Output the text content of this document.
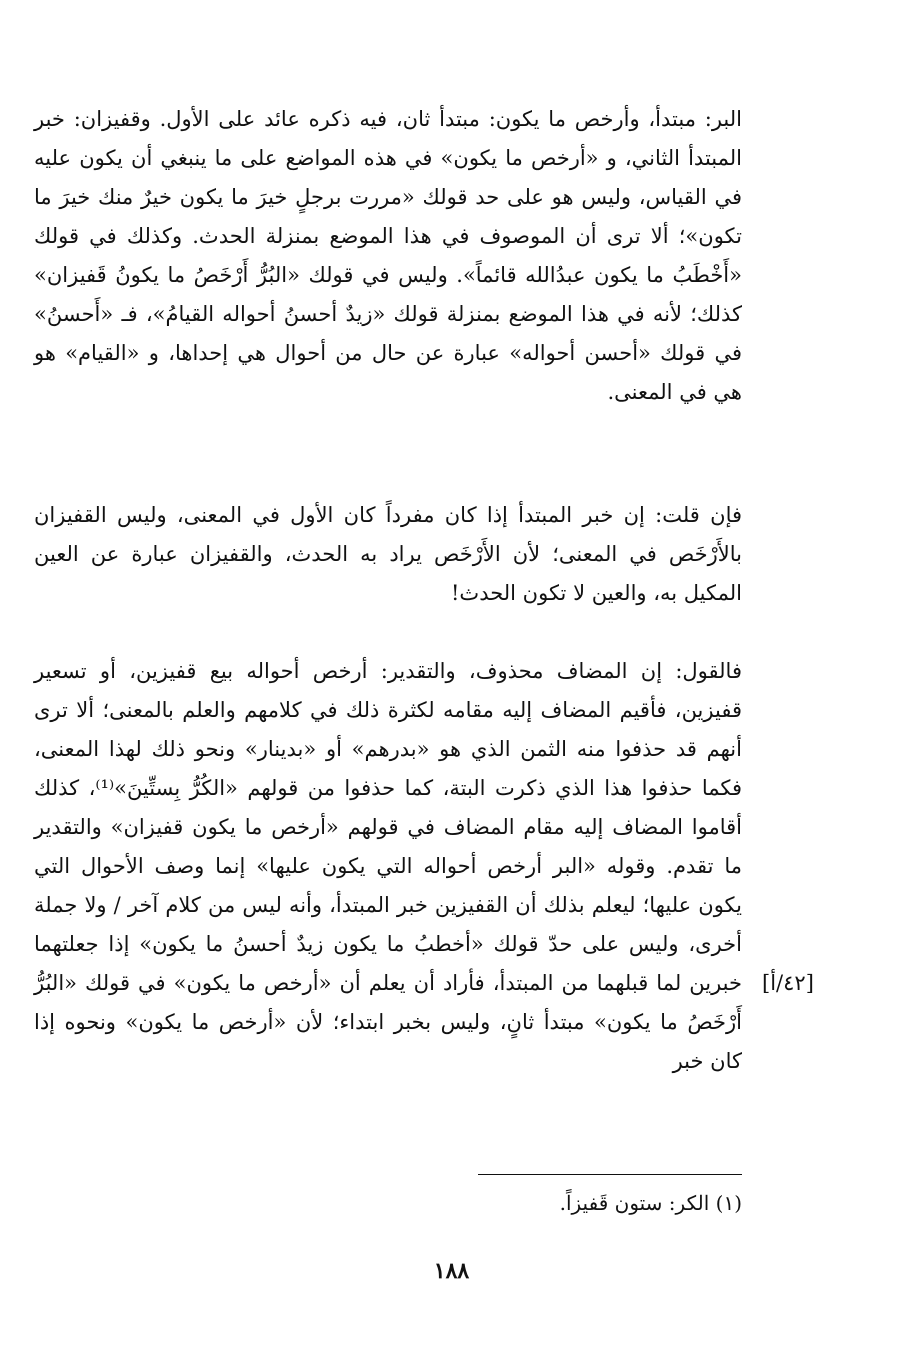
البر: مبتدأ، وأرخص ما يكون: مبتدأ ثان، فيه ذكره عائد على الأول. وقفيزان: خبر المبتدأ الثاني، و «أرخص ما يكون» في هذه المواضع على ما ينبغي أن يكون عليه في القياس، وليس هو على حد قولك «مررت برجلٍ خيرَ ما يكون خيرٌ منك خيرَ ما تكون»؛ ألا ترى أن الموصوف في هذا الموضع بمنزلة الحدث. وكذلك في قولك «أَخْطَبُ ما يكون عبدُالله قائماً». وليس في قولك «البُرُّ أَرْخَصُ ما يكونُ قَفيزان» كذلك؛ لأنه في هذا الموضع بمنزلة قولك «زيدٌ أحسنُ أحواله القيامُ»، فـ «أَحسنُ» في قولك «أحسن أحواله» عبارة عن حال من أحوال هي إحداها، و «القيام» هو هي في المعنى.

فإن قلت: إن خبر المبتدأ إذا كان مفرداً كان الأول في المعنى، وليس القفيزان بالأَرْخَص في المعنى؛ لأن الأَرْخَص يراد به الحدث، والقفيزان عبارة عن العين المكيل به، والعين لا تكون الحدث!

فالقول: إن المضاف محذوف، والتقدير: أرخص أحواله بيع قفيزين، أو تسعير قفيزين، فأقيم المضاف إليه مقامه لكثرة ذلك في كلامهم والعلم بالمعنى؛ ألا ترى أنهم قد حذفوا منه الثمن الذي هو «بدرهم» أو «بدينار» ونحو ذلك لهذا المعنى، فكما حذفوا هذا الذي ذكرت البتة، كما حذفوا من قولهم «الكُرُّ بِستِّينَ»⁽¹⁾، كذلك أقاموا المضاف إليه مقام المضاف في قولهم «أرخص ما يكون قفيزان» والتقدير ما تقدم. وقوله «البر أرخص أحواله التي يكون عليها» إنما وصف الأحوال التي يكون عليها؛ ليعلم بذلك أن القفيزين خبر المبتدأ، وأنه ليس من كلام آخر / ولا جملة أخرى، وليس على حدّ قولك «أخطبُ ما يكون زيدٌ أحسنُ ما يكون» إذا جعلتهما خبرين لما قبلهما من المبتدأ، فأراد أن يعلم أن «أرخص ما يكون» في قولك «البُرُّ أَرْخَصُ ما يكون» مبتدأ ثانٍ، وليس بخبر ابتداء؛ لأن «أرخص ما يكون» ونحوه إذا كان خبر

[٤٢/أ]
(١) الكر: ستون قَفيزاً.
١٨٨
